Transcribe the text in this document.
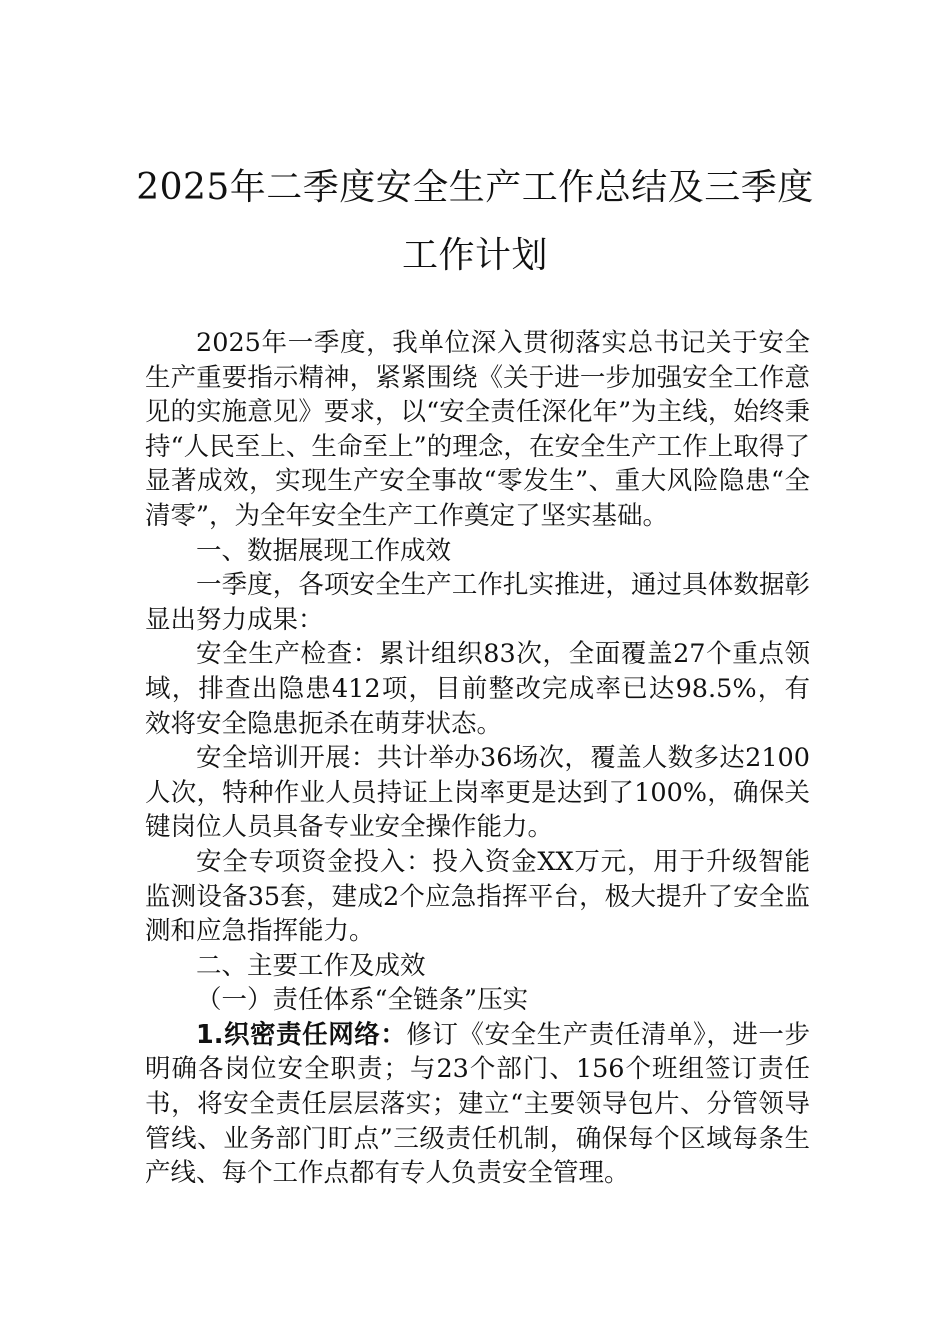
2025年二季度安全生产工作总结及三季度
工作计划

2025年一季度，我单位深入贯彻落实总书记关于安全生产重要指示精神，紧紧围绕《关于进一步加强安全工作意见的实施意见》要求，以“安全责任深化年”为主线，始终秉持“人民至上、生命至上”的理念，在安全生产工作上取得了显著成效，实现生产安全事故“零发生”、重大风险隐患“全清零”，为全年安全生产工作奠定了坚实基础。

一、数据展现工作成效

一季度，各项安全生产工作扎实推进，通过具体数据彰显出努力成果：

安全生产检查：累计组织83次，全面覆盖27个重点领域，排查出隐患412项，目前整改完成率已达98.5%，有效将安全隐患扼杀在萌芽状态。

安全培训开展：共计举办36场次，覆盖人数多达2100人次，特种作业人员持证上岗率更是达到了100%，确保关键岗位人员具备专业安全操作能力。

安全专项资金投入：投入资金XX万元，用于升级智能监测设备35套，建成2个应急指挥平台，极大提升了安全监测和应急指挥能力。

二、主要工作及成效

（一）责任体系“全链条”压实

1.织密责任网络：修订《安全生产责任清单》，进一步明确各岗位安全职责；与23个部门、156个班组签订责任书，将安全责任层层落实；建立“主要领导包片、分管领导管线、业务部门盯点”三级责任机制，确保每个区域每条生产线、每个工作点都有专人负责安全管理。
